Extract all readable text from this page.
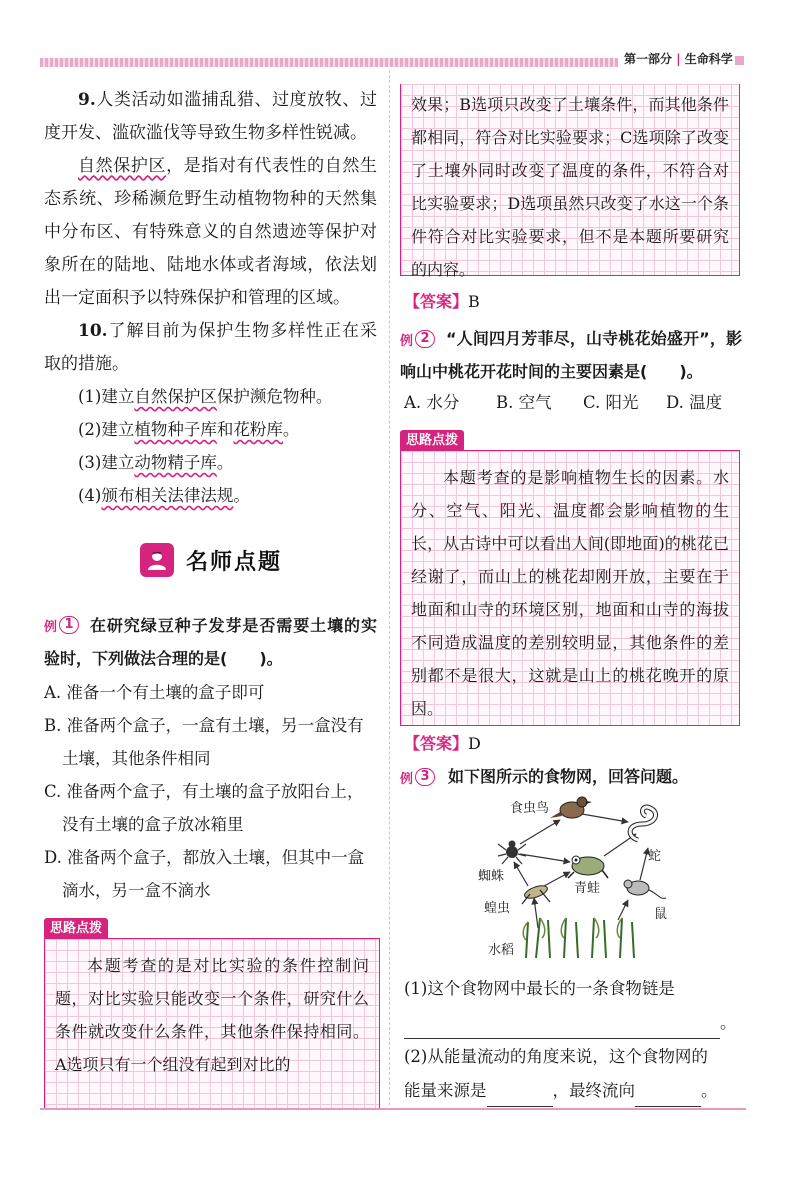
第一部分 | 生命科学
9.人类活动如滥捕乱猎、过度放牧、过度开发、滥砍滥伐等导致生物多样性锐减。
自然保护区，是指对有代表性的自然生态系统、珍稀濒危野生动植物物种的天然集中分布区、有特殊意义的自然遗迹等保护对象所在的陆地、陆地水体或者海域，依法划出一定面积予以特殊保护和管理的区域。
10.了解目前为保护生物多样性正在采取的措施。
(1)建立自然保护区保护濒危物种。
(2)建立植物种子库和花粉库。
(3)建立动物精子库。
(4)颁布相关法律法规。
名师点题
例 1	在研究绿豆种子发芽是否需要土壤的实验时，下列做法合理的是(　　)。
A. 准备一个有土壤的盒子即可
B. 准备两个盒子，一盒有土壤，另一盒没有
土壤，其他条件相同
C. 准备两个盒子，有土壤的盒子放阳台上，
没有土壤的盒子放冰箱里
D. 准备两个盒子，都放入土壤，但其中一盒
滴水，另一盒不滴水
思路点拨
本题考查的是对比实验的条件控制问题，对比实验只能改变一个条件，研究什么条件就改变什么条件，其他条件保持相同。A选项只有一个组没有起到对比的
效果；B选项只改变了土壤条件，而其他条件都相同，符合对比实验要求；C选项除了改变了土壤外同时改变了温度的条件，不符合对比实验要求；D选项虽然只改变了水这一个条件符合对比实验要求，但不是本题所要研究的内容。
【答案】B
例 2	“人间四月芳菲尽，山寺桃花始盛开”，影响山中桃花开花时间的主要因素是(　　)。
A. 水分 B. 空气 C. 阳光 D. 温度
思路点拨
本题考查的是影响植物生长的因素。水分、空气、阳光、温度都会影响植物的生长，从古诗中可以看出人间(即地面)的桃花已经谢了，而山上的桃花却刚开放，主要在于地面和山寺的环境区别，地面和山寺的海拔不同造成温度的差别较明显，其他条件的差别都不是很大，这就是山上的桃花晚开的原因。
【答案】D
例 3	如下图所示的食物网，回答问题。
食虫鸟
蛇
蜘蛛
青蛙
蝗虫	鼠
水稻
(1)这个食物网中最长的一条食物链是
。
(2)从能量流动的角度来说，这个食物网的
能量来源是	，最终流向	。
